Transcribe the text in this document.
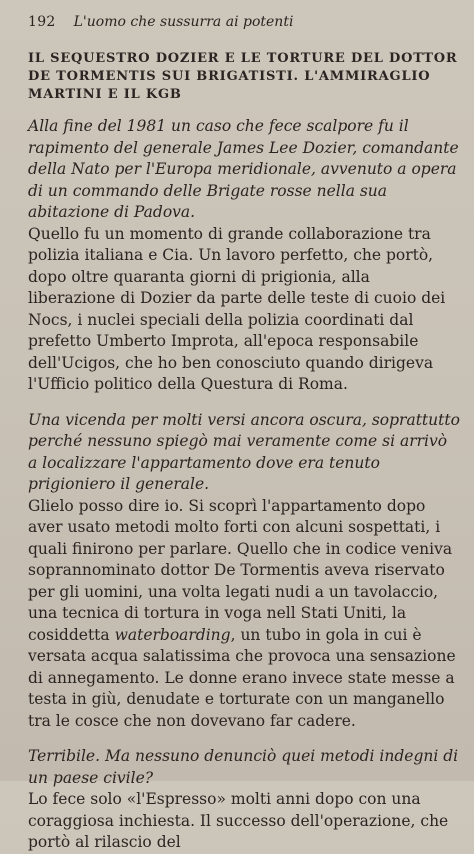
192 L'uomo che sussurra ai potenti
IL SEQUESTRO DOZIER E LE TORTURE DEL DOTTOR DE TORMENTIS SUI BRIGATISTI. L'AMMIRAGLIO MARTINI E IL KGB

Alla fine del 1981 un caso che fece scalpore fu il rapimento del generale James Lee Dozier, comandante della Nato per l'Europa meridionale, avvenuto a opera di un commando delle Brigate rosse nella sua abitazione di Padova.

Quello fu un momento di grande collaborazione tra polizia italiana e Cia. Un lavoro perfetto, che portò, dopo oltre quaranta giorni di prigionia, alla liberazione di Dozier da parte delle teste di cuoio dei Nocs, i nuclei speciali della polizia coordinati dal prefetto Umberto Improta, all'epoca responsabile dell'Ucigos, che ho ben conosciuto quando dirigeva l'Ufficio politico della Questura di Roma.

Una vicenda per molti versi ancora oscura, soprattutto perché nessuno spiegò mai veramente come si arrivò a localizzare l'appartamento dove era tenuto prigioniero il generale.

Glielo posso dire io. Si scoprì l'appartamento dopo aver usato metodi molto forti con alcuni sospettati, i quali finirono per parlare. Quello che in codice veniva soprannominato dottor De Tormentis aveva riservato per gli uomini, una volta legati nudi a un tavolaccio, una tecnica di tortura in voga nell Stati Uniti, la cosiddetta waterboarding, un tubo in gola in cui è versata acqua salatissima che provoca una sensazione di annegamento. Le donne erano invece state messe a testa in giù, denudate e torturate con un manganello tra le cosce che non dovevano far cadere.

Terribile. Ma nessuno denunciò quei metodi indegni di un paese civile?

Lo fece solo «l'Espresso» molti anni dopo con una coraggiosa inchiesta. Il successo dell'operazione, che portò al rilascio del
